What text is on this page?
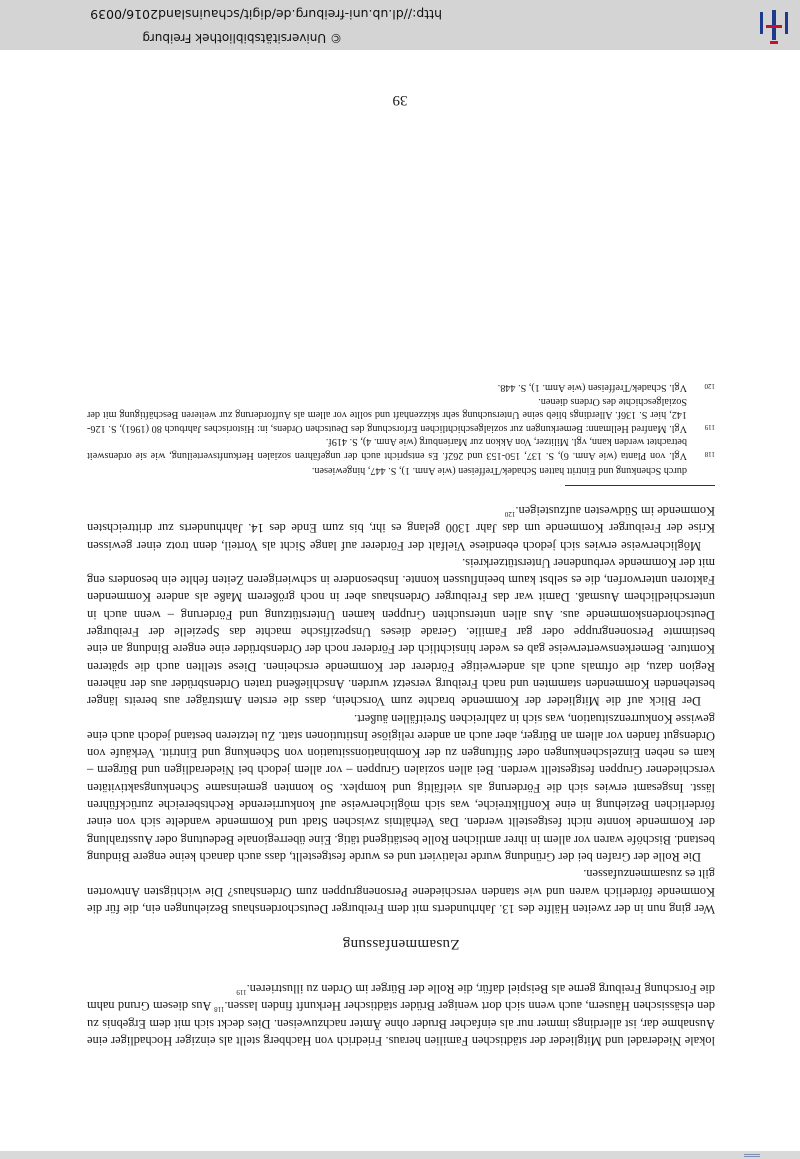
lokale Niederadel und Mitglieder der städtischen Familien heraus. Friedrich von Hachberg stellt als einziger Hochadliger eine Ausnahme dar, ist allerdings immer nur als einfacher Bruder ohne Ämter nachzuweisen. Dies deckt sich mit dem Ergebnis zu den elsässischen Häusern, auch wenn sich dort weniger Brüder städtischer Herkunft finden lassen.$^{118}$ Aus diesem Grund nahm die Forschung Freiburg gerne als Beispiel dafür, die Rolle der Bürger im Orden zu illustrieren.$^{119}$

Zusammenfassung

Wer ging nun in der zweiten Hälfte des 13. Jahrhunderts mit dem Freiburger Deutschordenshaus Beziehungen ein, die für die Kommende förderlich waren und wie standen verschiedene Personengruppen zum Ordenshaus? Die wichtigsten Antworten gilt es zusammenzufassen.

Die Rolle der Grafen bei der Gründung wurde relativiert und es wurde festgestellt, dass auch danach keine engere Bindung bestand. Bischöfe waren vor allem in ihrer amtlichen Rolle bestätigend tätig. Eine überregionale Bedeutung oder Ausstrahlung der Kommende konnte nicht festgestellt werden. Das Verhältnis zwischen Stadt und Kommende wandelte sich von einer förderlichen Beziehung in eine Konfliktreiche, was sich möglicherweise auf konkurrierende Rechtsbereiche zurückführen lässt. Insgesamt erwies sich die Förderung als vielfältig und komplex. So konnten gemeinsame Schenkungsaktivitäten verschiedener Gruppen festgestellt werden. Bei allen sozialen Gruppen – vor allem jedoch bei Niederadligen und Bürgern – kam es neben Einzelschenkungen oder Stiftungen zu der Kombinationssituation von Schenkung und Eintritt. Verkäufe von Ordensgut fanden vor allem an Bürger, aber auch an andere religiöse Institutionen statt. Zu letzteren bestand jedoch auch eine gewisse Konkurrenzsituation, was sich in zahlreichen Streitfällen äußert.

Der Blick auf die Mitglieder der Kommende brachte zum Vorschein, dass die ersten Amtsträger aus bereits länger bestehenden Kommenden stammten und nach Freiburg versetzt wurden. Anschließend traten Ordensbrüder aus der näheren Region dazu, die oftmals auch als anderweitige Förderer der Kommende erscheinen. Diese stellten auch die späteren Komture. Bemerkenswerterweise gab es weder hinsichtlich der Förderer noch der Ordensbrüder eine engere Bindung an eine bestimmte Personengruppe oder gar Familie. Gerade dieses Unspezifische machte das Spezielle der Freiburger Deutschordenskommende aus. Aus allen untersuchten Gruppen kamen Unterstützung und Förderung – wenn auch in unterschiedlichem Ausmaß. Damit war das Freiburger Ordenshaus aber in noch größerem Maße als andere Kommenden Faktoren unterworfen, die es selbst kaum beeinflussen konnte. Insbesondere in schwierigeren Zeiten fehlte ein besonders eng mit der Kommende verbundener Unterstützerkreis.

Möglicherweise erwies sich jedoch ebendiese Vielfalt der Förderer auf lange Sicht als Vorteil, denn trotz einer gewissen Krise der Freiburger Kommende um das Jahr 1300 gelang es ihr, bis zum Ende des 14. Jahrhunderts zur drittreichsten Kommende im Südwesten aufzusteigen.$^{120}$

durch Schenkung und Eintritt hatten Schadek/Treffeisen (wie Anm. 1), S. 447, hingewiesen.

118
Vgl. von Planta (wie Anm. 6), S. 137, 150-153 und 262f. Es entspricht auch der ungefähren sozialen Herkunftsverteilung, wie sie ordensweit betrachtet werden kann, vgl. Militzer, Von Akkon zur Marienburg (wie Anm. 4), S. 419f.

119
Vgl. Manfred Hellmann: Bemerkungen zur sozialgeschichtlichen Erforschung des Deutschen Ordens, in: Historisches Jahrbuch 80 (1961), S. 126-142, hier S. 136f. Allerdings blieb seine Untersuchung sehr skizzenhaft und sollte vor allem als Aufforderung zur weiteren Beschäftigung mit der Sozialgeschichte des Ordens dienen.

120
Vgl. Schadek/Treffeisen (wie Anm. 1), S. 448.

39
© Universitätsbibliothek Freiburg
http://dl.ub.uni-freiburg.de/digit/schauinsland2016/0039
